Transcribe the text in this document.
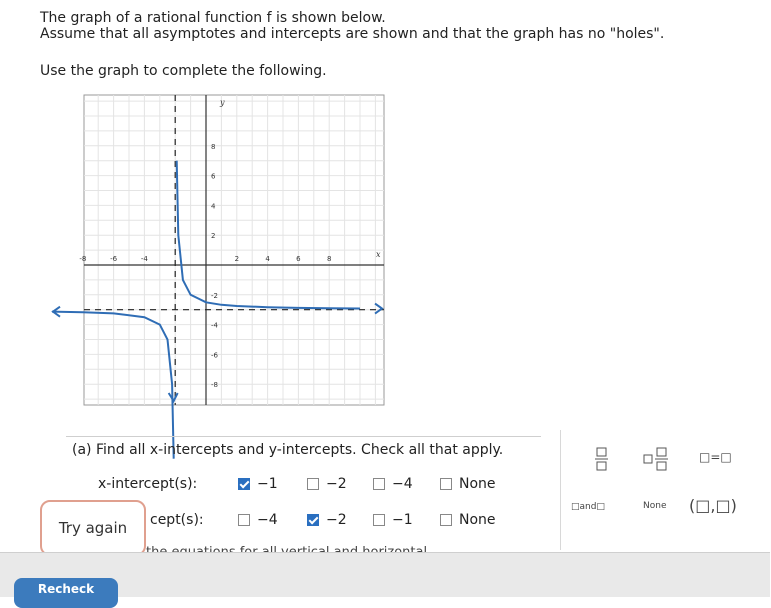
The graph of a rational function f is shown below.
Assume that all asymptotes and intercepts are shown and that the graph has no "holes".
Use the graph to complete the following.
-8	-6	-4	2	4	6	8
8
6
4
2
-2
-4
-6
-8
x
y
(a) Find all x-intercepts and y-intercepts. Check all that apply.
x-intercept(s):
cept(s):
−1	−2	−4	None
−4	−2	−1	None
□=□
□and□	None (□,□)
Try again
Recheck
